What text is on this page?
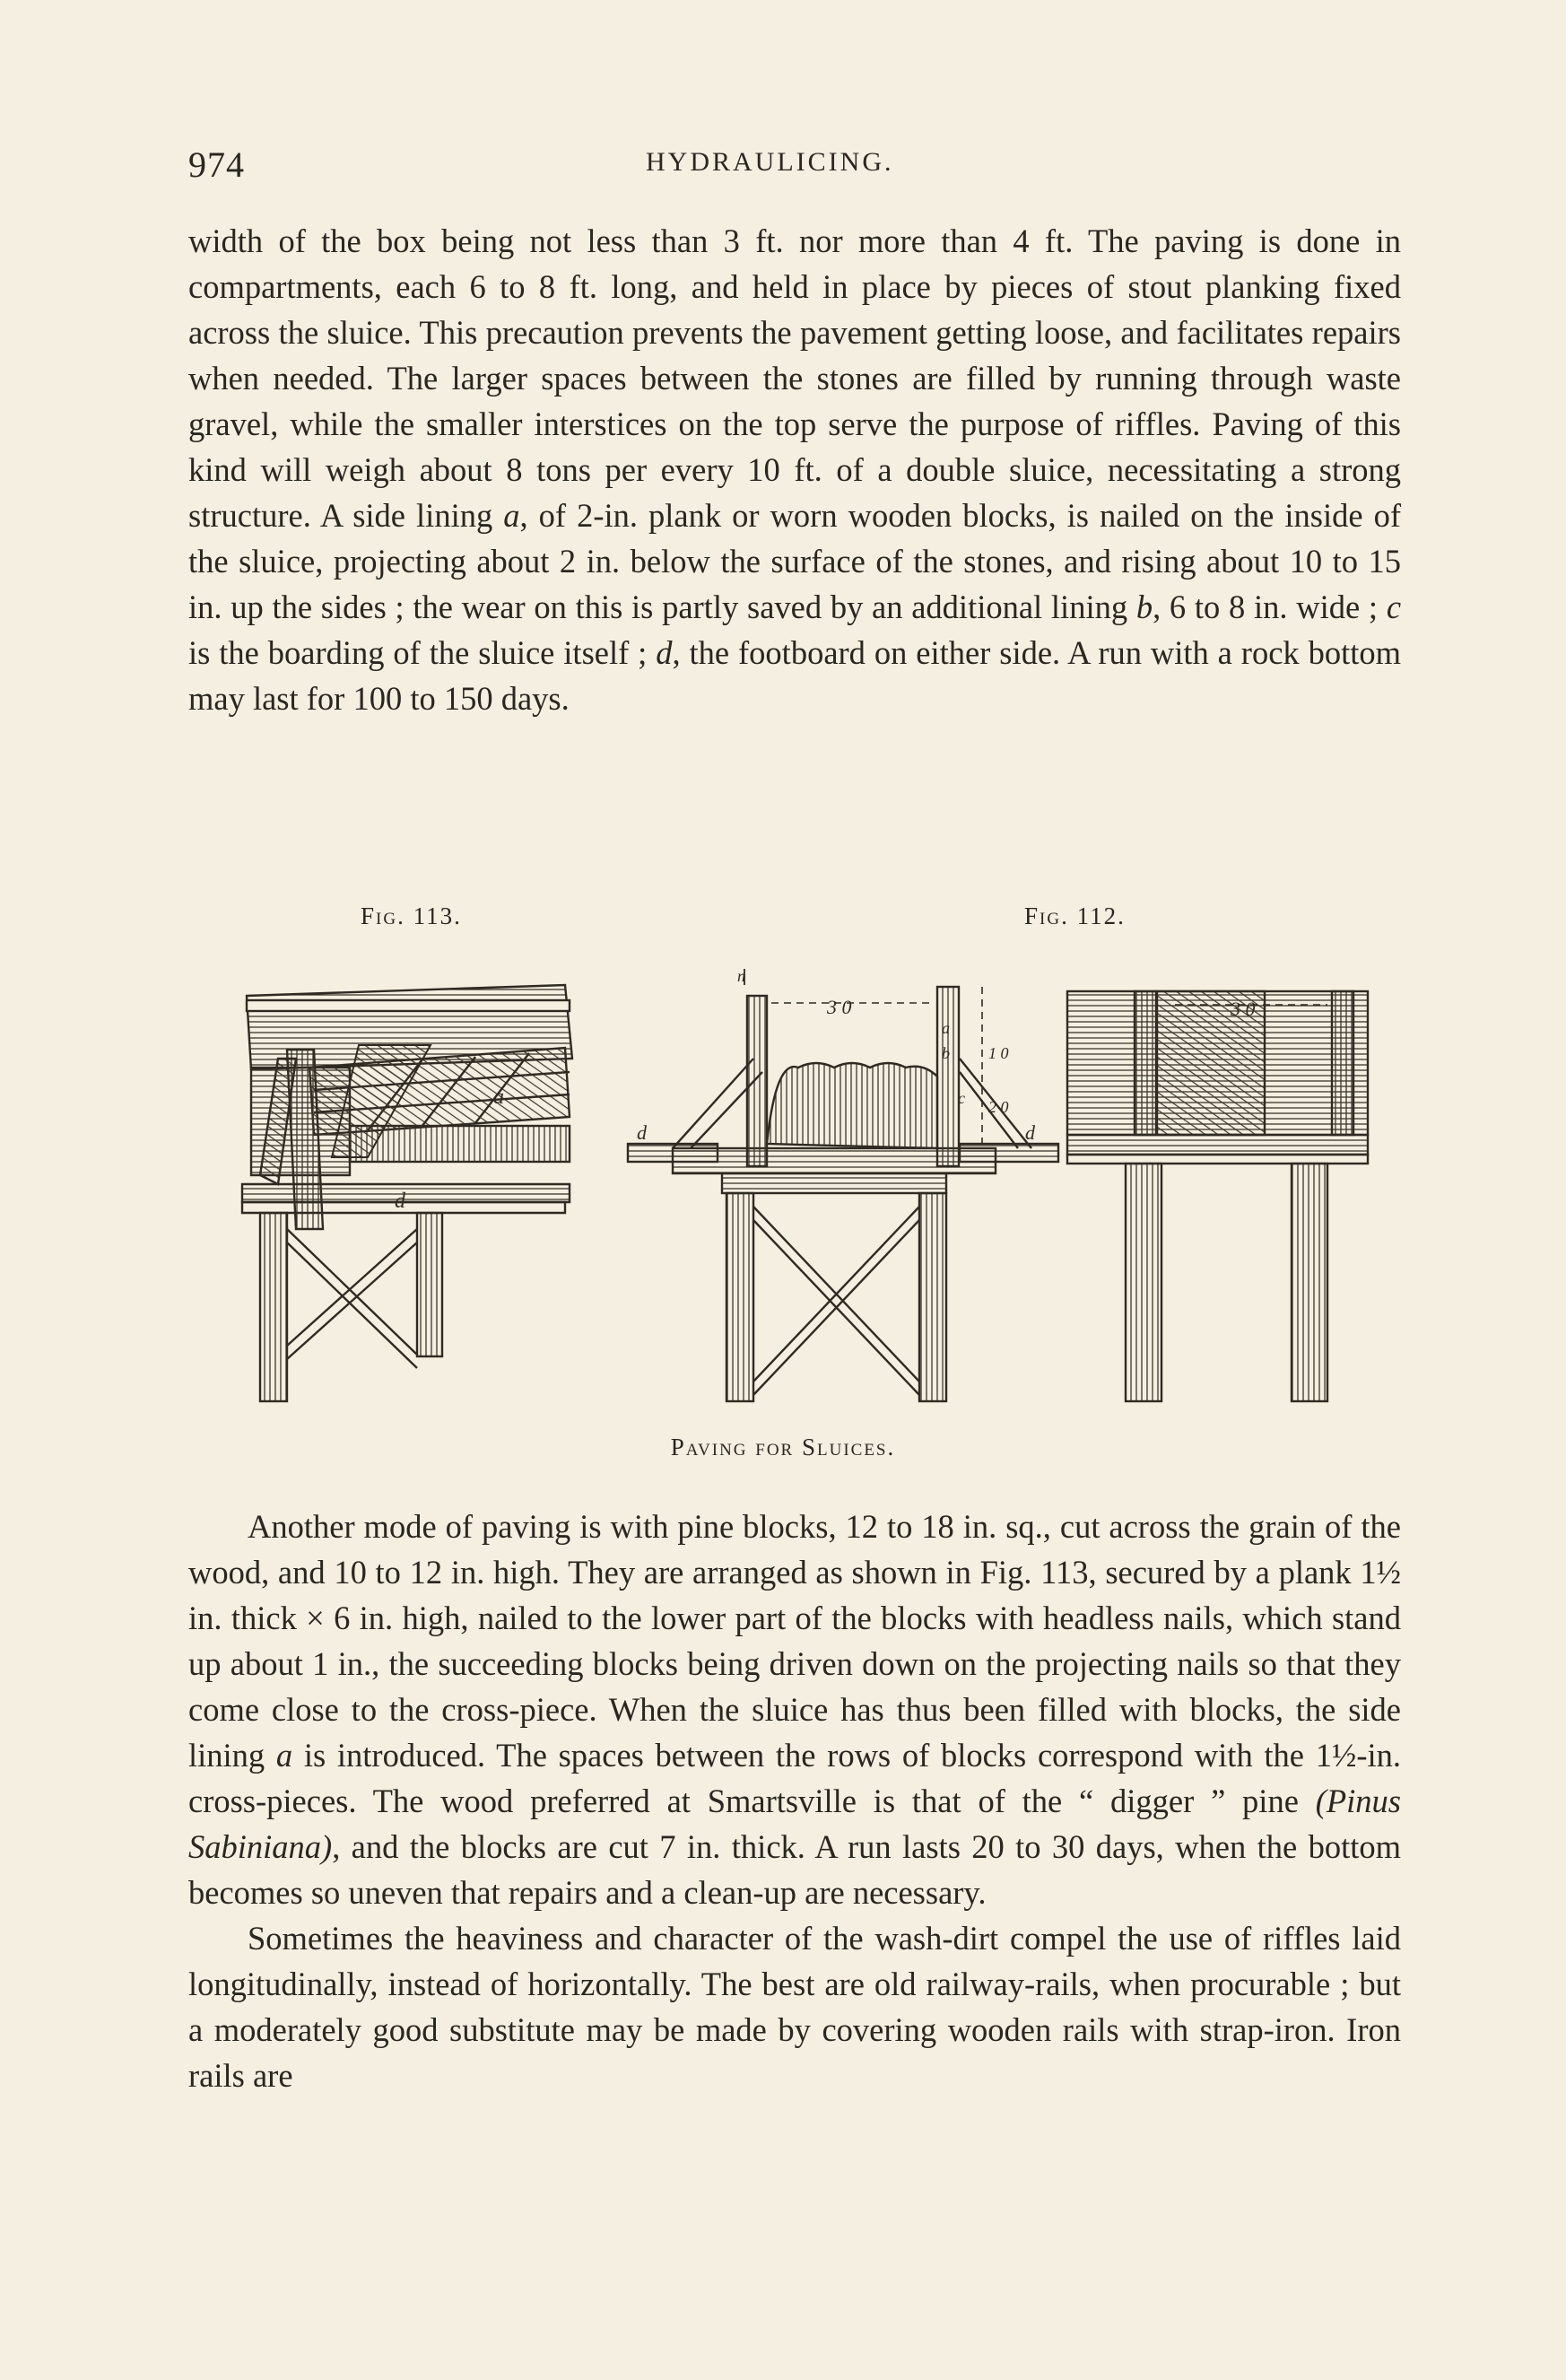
974	HYDRAULICING.

width of the box being not less than 3 ft. nor more than 4 ft. The paving is done in compartments, each 6 to 8 ft. long, and held in place by pieces of stout planking fixed across the sluice. This precaution prevents the pavement getting loose, and facilitates repairs when needed. The larger spaces between the stones are filled by running through waste gravel, while the smaller interstices on the top serve the purpose of riffles. Paving of this kind will weigh about 8 tons per every 10 ft. of a double sluice, necessitating a strong structure. A side lining a, of 2-in. plank or worn wooden blocks, is nailed on the inside of the sluice, projecting about 2 in. below the surface of the stones, and rising about 10 to 15 in. up the sides ; the wear on this is partly saved by an additional lining b, 6 to 8 in. wide ; c is the boarding of the sluice itself ; d, the footboard on either side. A run with a rock bottom may last for 100 to 150 days.

Fig. 113.	Fig. 112.
a
d
d	d
3 0
1 0
2 0
a
b
c
n
3 0
Paving for Sluices.

Another mode of paving is with pine blocks, 12 to 18 in. sq., cut across the grain of the wood, and 10 to 12 in. high. They are arranged as shown in Fig. 113, secured by a plank 1½ in. thick × 6 in. high, nailed to the lower part of the blocks with headless nails, which stand up about 1 in., the succeeding blocks being driven down on the projecting nails so that they come close to the cross-piece. When the sluice has thus been filled with blocks, the side lining a is introduced. The spaces between the rows of blocks correspond with the 1½-in. cross-pieces. The wood preferred at Smartsville is that of the “ digger ” pine (Pinus Sabiniana), and the blocks are cut 7 in. thick. A run lasts 20 to 30 days, when the bottom becomes so uneven that repairs and a clean-up are necessary.

Sometimes the heaviness and character of the wash-dirt compel the use of riffles laid longitudinally, instead of horizontally. The best are old railway-rails, when procurable ; but a moderately good substitute may be made by covering wooden rails with strap-iron. Iron rails are
